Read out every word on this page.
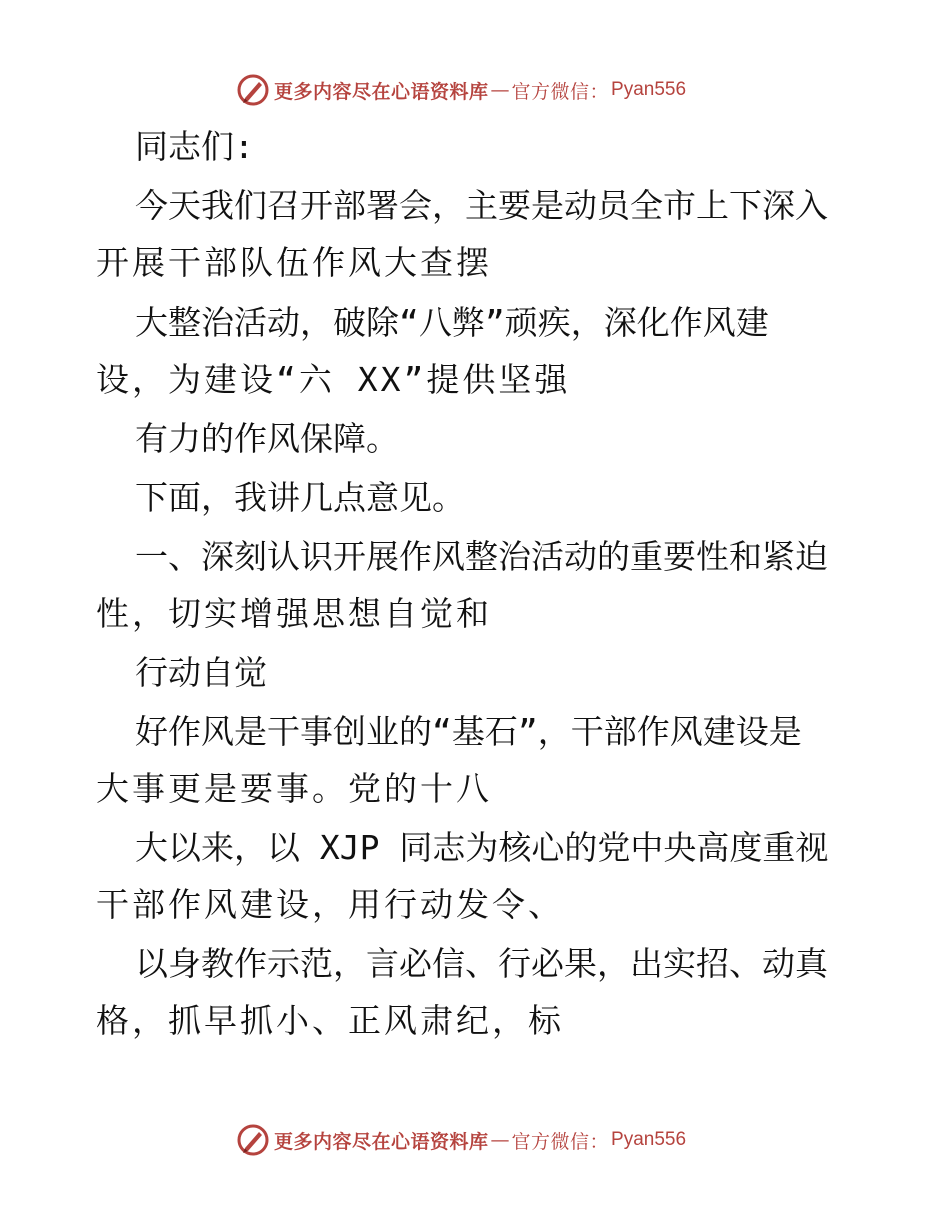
更多内容尽在心语资料库 — 官方微信： Pyan556
同志们:
今天我们召开部署会，主要是动员全市上下深入
开展干部队伍作风大查摆
大整治活动，破除“八弊”顽疾，深化作风建
设，为建设“六 XX”提供坚强
有力的作风保障。
下面，我讲几点意见。
一、深刻认识开展作风整治活动的重要性和紧迫
性，切实增强思想自觉和
行动自觉
好作风是干事创业的“基石”，干部作风建设是
大事更是要事。党的十八
大以来，以 XJP 同志为核心的党中央高度重视
干部作风建设，用行动发令、
以身教作示范，言必信、行必果，出实招、动真
格，抓早抓小、正风肃纪，标
更多内容尽在心语资料库 — 官方微信： Pyan556
